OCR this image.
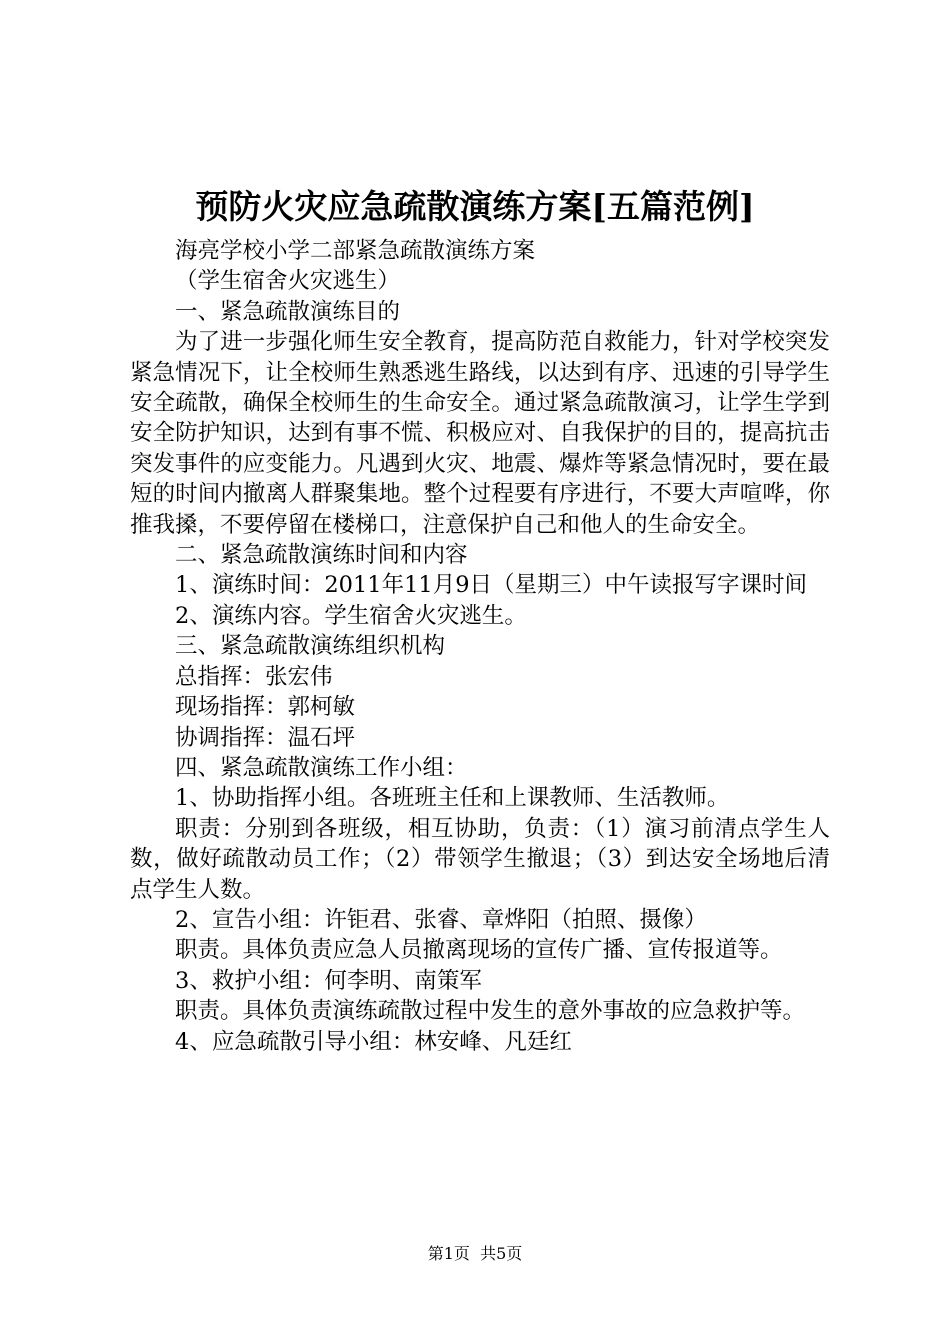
预防火灾应急疏散演练方案[五篇范例]

海亮学校小学二部紧急疏散演练方案

（学生宿舍火灾逃生）

一、紧急疏散演练目的

为了进一步强化师生安全教育，提高防范自救能力，针对学校突发紧急情况下，让全校师生熟悉逃生路线，以达到有序、迅速的引导学生安全疏散，确保全校师生的生命安全。通过紧急疏散演习，让学生学到安全防护知识，达到有事不慌、积极应对、自我保护的目的，提高抗击突发事件的应变能力。凡遇到火灾、地震、爆炸等紧急情况时，要在最短的时间内撤离人群聚集地。整个过程要有序进行，不要大声喧哗，你推我搡，不要停留在楼梯口，注意保护自己和他人的生命安全。

二、紧急疏散演练时间和内容

1、演练时间：2011年11月9日（星期三）中午读报写字课时间

2、演练内容。学生宿舍火灾逃生。

三、紧急疏散演练组织机构

总指挥：张宏伟

现场指挥：郭柯敏

协调指挥：温石坪

四、紧急疏散演练工作小组：

1、协助指挥小组。各班班主任和上课教师、生活教师。

职责：分别到各班级，相互协助，负责：（1）演习前清点学生人数，做好疏散动员工作；（2）带领学生撤退；（3）到达安全场地后清点学生人数。

2、宣告小组：许钜君、张睿、章烨阳（拍照、摄像）

职责。具体负责应急人员撤离现场的宣传广播、宣传报道等。

3、救护小组：何李明、南策军

职责。具体负责演练疏散过程中发生的意外事故的应急救护等。

4、应急疏散引导小组：林安峰、凡廷红

第1页  共5页
